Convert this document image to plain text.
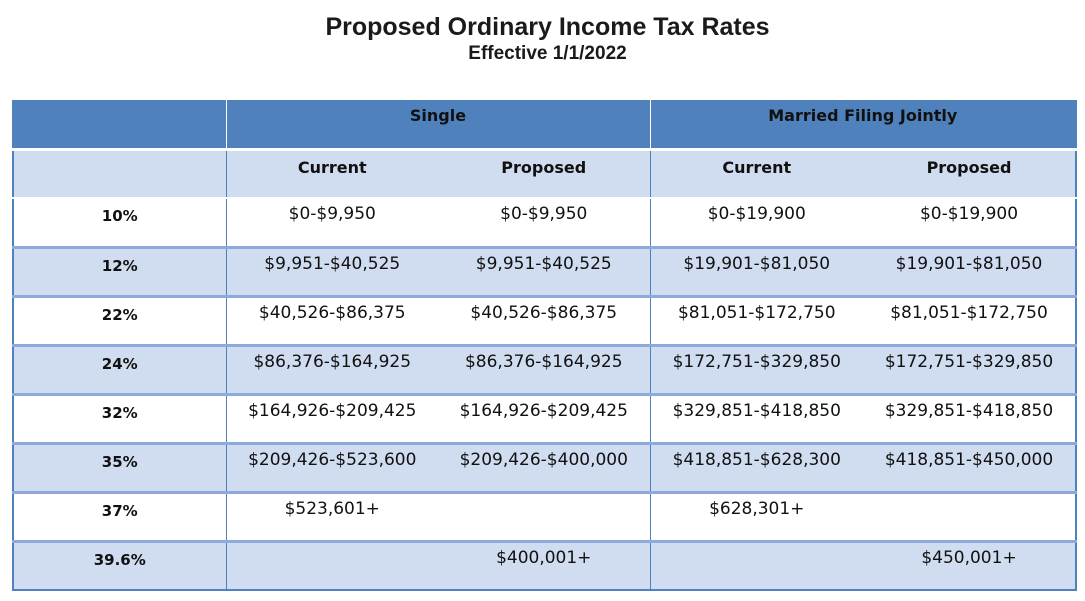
Proposed Ordinary Income Tax Rates
Effective 1/1/2022
	Single		Married Filing Jointly	
	Current	Proposed	Current	Proposed
10%	$0-$9,950	$0-$9,950	$0-$19,900	$0-$19,900
12%	$9,951-$40,525	$9,951-$40,525	$19,901-$81,050	$19,901-$81,050
22%	$40,526-$86,375	$40,526-$86,375	$81,051-$172,750	$81,051-$172,750
24%	$86,376-$164,925	$86,376-$164,925	$172,751-$329,850	$172,751-$329,850
32%	$164,926-$209,425	$164,926-$209,425	$329,851-$418,850	$329,851-$418,850
35%	$209,426-$523,600	$209,426-$400,000	$418,851-$628,300	$418,851-$450,000
37%	$523,601+		$628,301+	
39.6%		$400,001+		$450,001+
